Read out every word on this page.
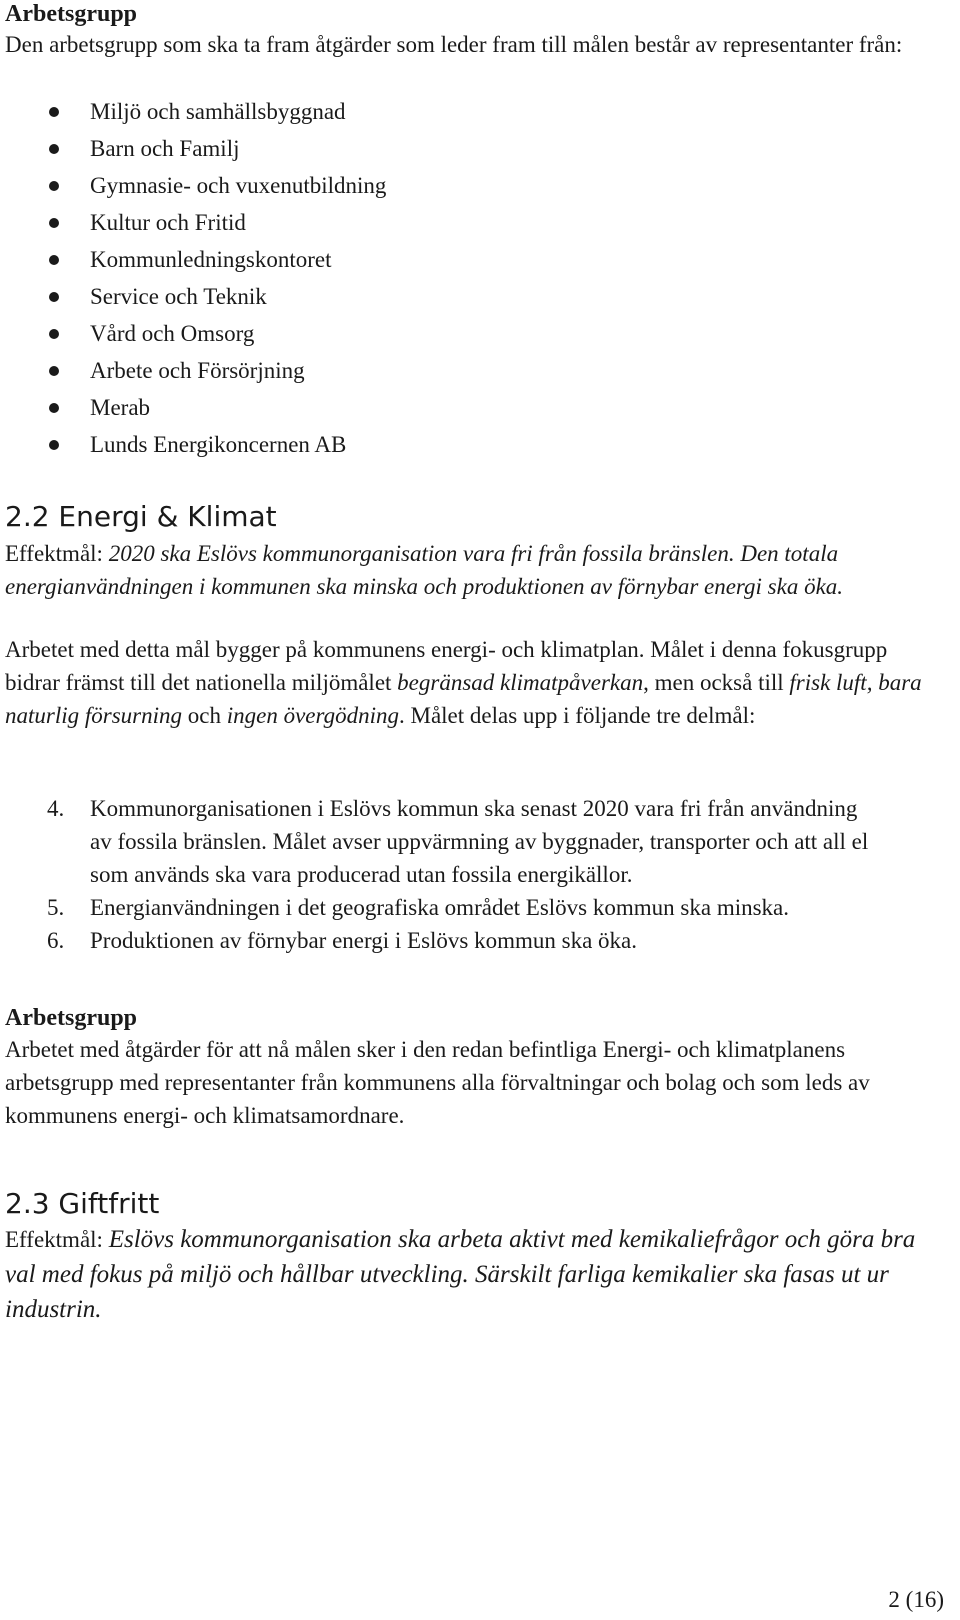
Arbetsgrupp

Den arbetsgrupp som ska ta fram åtgärder som leder fram till målen består av representanter från:

Miljö och samhällsbyggnad
Barn och Familj
Gymnasie- och vuxenutbildning
Kultur och Fritid
Kommunledningskontoret
Service och Teknik
Vård och Omsorg
Arbete och Försörjning
Merab
Lunds Energikoncernen AB
2.2 Energi & Klimat

Effektmål: 2020 ska Eslövs kommunorganisation vara fri från fossila bränslen. Den totala energianvändningen i kommunen ska minska och produktionen av förnybar energi ska öka.

Arbetet med detta mål bygger på kommunens energi- och klimatplan. Målet i denna fokusgrupp bidrar främst till det nationella miljömålet begränsad klimatpåverkan, men också till frisk luft, bara naturlig försurning och ingen övergödning. Målet delas upp i följande tre delmål:

4. Kommunorganisationen i Eslövs kommun ska senast 2020 vara fri från användning av fossila bränslen. Målet avser uppvärmning av byggnader, transporter och att all el som används ska vara producerad utan fossila energikällor.
5. Energianvändningen i det geografiska området Eslövs kommun ska minska.
6. Produktionen av förnybar energi i Eslövs kommun ska öka.
Arbetsgrupp

Arbetet med åtgärder för att nå målen sker i den redan befintliga Energi- och klimatplanens arbetsgrupp med representanter från kommunens alla förvaltningar och bolag och som leds av kommunens energi- och klimatsamordnare.

2.3 Giftfritt

Effektmål: Eslövs kommunorganisation ska arbeta aktivt med kemikaliefrågor och göra bra val med fokus på miljö och hållbar utveckling. Särskilt farliga kemikalier ska fasas ut ur industrin.

2 (16)
